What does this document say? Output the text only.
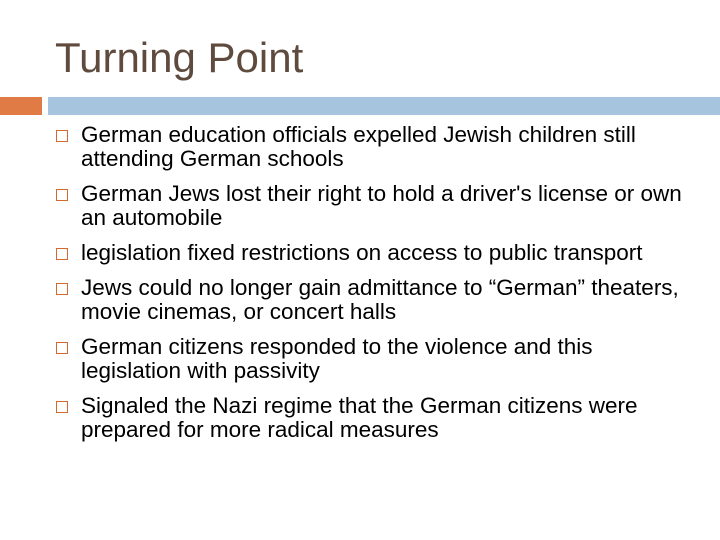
Turning Point
German education officials expelled Jewish children still attending German schools
German Jews lost their right to hold a driver's license or own an automobile
legislation fixed restrictions on access to public transport
Jews could no longer gain admittance to “German” theaters, movie cinemas, or concert halls
German citizens responded to the violence and this legislation with passivity
Signaled the Nazi regime that the German citizens were prepared for more radical measures
